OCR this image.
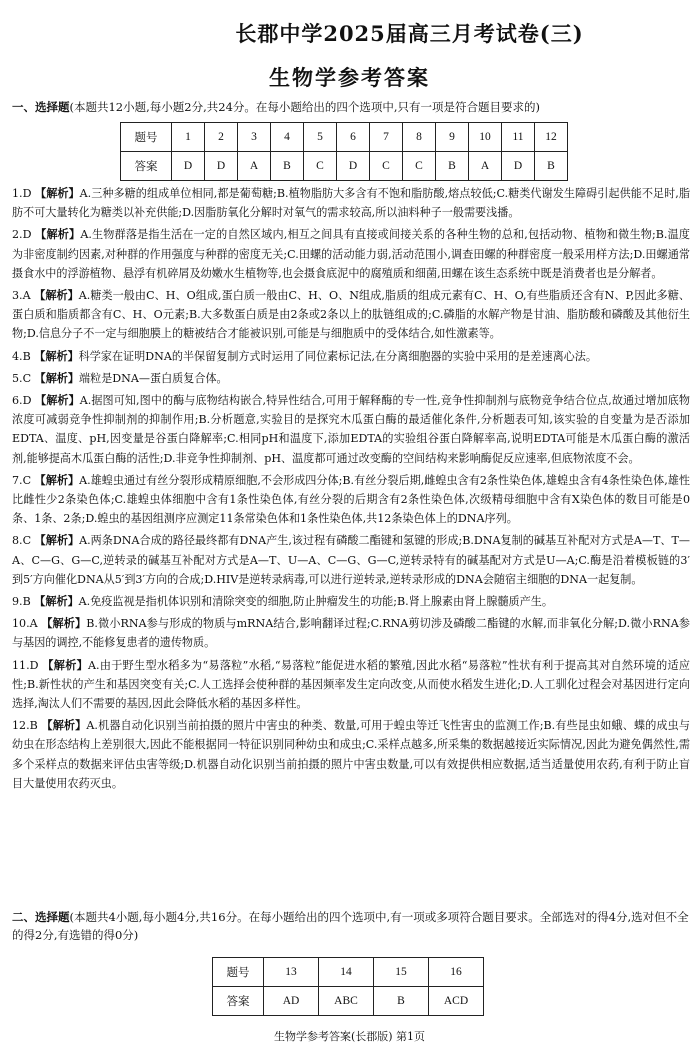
长郡中学2025届高三月考试卷(三)
生物学参考答案
一、选择题(本题共12小题,每小题2分,共24分。在每小题给出的四个选项中,只有一项是符合题目要求的)
题号	1	2	3	4	5	6	7	8	9	10	11	12
答案	D	D	A	B	C	D	C	C	B	A	D	B

1.D 【解析】A.三种多糖的组成单位相同,都是葡萄糖;B.植物脂肪大多含有不饱和脂肪酸,熔点较低;C.糖类代谢发生障碍引起供能不足时,脂肪不可大量转化为糖类以补充供能;D.因脂肪氧化分解时对氧气的需求较高,所以油料种子一般需要浅播。

2.D 【解析】A.生物群落是指生活在一定的自然区域内,相互之间具有直接或间接关系的各种生物的总和,包括动物、植物和微生物;B.温度为非密度制约因素,对种群的作用强度与种群的密度无关;C.田螺的活动能力弱,活动范围小,调查田螺的种群密度一般采用样方法;D.田螺通常摄食水中的浮游植物、悬浮有机碎屑及幼嫩水生植物等,也会摄食底泥中的腐殖质和细菌,田螺在该生态系统中既是消费者也是分解者。

3.A 【解析】A.糖类一般由C、H、O组成,蛋白质一般由C、H、O、N组成,脂质的组成元素有C、H、O,有些脂质还含有N、P,因此多糖、蛋白质和脂质都含有C、H、O元素;B.大多数蛋白质是由2条或2条以上的肽链组成的;C.磷脂的水解产物是甘油、脂肪酸和磷酸及其他衍生物;D.信息分子不一定与细胞膜上的糖被结合才能被识别,可能是与细胞质中的受体结合,如性激素等。

4.B 【解析】科学家在证明DNA的半保留复制方式时运用了同位素标记法,在分离细胞器的实验中采用的是差速离心法。

5.C 【解析】端粒是DNA—蛋白质复合体。

6.D 【解析】A.据图可知,图中的酶与底物结构嵌合,特异性结合,可用于解释酶的专一性,竞争性抑制剂与底物竞争结合位点,故通过增加底物浓度可减弱竞争性抑制剂的抑制作用;B.分析题意,实验目的是探究木瓜蛋白酶的最适催化条件,分析题表可知,该实验的自变量为是否添加EDTA、温度、pH,因变量是谷蛋白降解率;C.相同pH和温度下,添加EDTA的实验组谷蛋白降解率高,说明EDTA可能是木瓜蛋白酶的激活剂,能够提高木瓜蛋白酶的活性;D.非竞争性抑制剂、pH、温度都可通过改变酶的空间结构来影响酶促反应速率,但底物浓度不会。

7.C 【解析】A.雄蝗虫通过有丝分裂形成精原细胞,不会形成四分体;B.有丝分裂后期,雌蝗虫含有2条性染色体,雄蝗虫含有4条性染色体,雄性比雌性少2条染色体;C.雄蝗虫体细胞中含有1条性染色体,有丝分裂的后期含有2条性染色体,次级精母细胞中含有X染色体的数目可能是0条、1条、2条;D.蝗虫的基因组测序应测定11条常染色体和1条性染色体,共12条染色体上的DNA序列。

8.C 【解析】A.两条DNA合成的路径最终都有DNA产生,该过程有磷酸二酯键和氢键的形成;B.DNA复制的碱基互补配对方式是A—T、T—A、C—G、G—C,逆转录的碱基互补配对方式是A—T、U—A、C—G、G—C,逆转录特有的碱基配对方式是U—A;C.酶是沿着模板链的3′到5′方向催化DNA从5′到3′方向的合成;D.HIV是逆转录病毒,可以进行逆转录,逆转录形成的DNA会随宿主细胞的DNA一起复制。

9.B 【解析】A.免疫监视是指机体识别和清除突变的细胞,防止肿瘤发生的功能;B.肾上腺素由肾上腺髓质产生。

10.A 【解析】B.微小RNA参与形成的物质与mRNA结合,影响翻译过程;C.RNA剪切涉及磷酸二酯键的水解,而非氧化分解;D.微小RNA参与基因的调控,不能修复患者的遗传物质。

11.D 【解析】A.由于野生型水稻多为“易落粒”水稻,“易落粒”能促进水稻的繁殖,因此水稻“易落粒”性状有利于提高其对自然环境的适应性;B.新性状的产生和基因突变有关;C.人工选择会使种群的基因频率发生定向改变,从而使水稻发生进化;D.人工驯化过程会对基因进行定向选择,淘汰人们不需要的基因,因此会降低水稻的基因多样性。

12.B 【解析】A.机器自动化识别当前拍摄的照片中害虫的种类、数量,可用于蝗虫等迁飞性害虫的监测工作;B.有些昆虫如蛾、蝶的成虫与幼虫在形态结构上差别很大,因此不能根据同一特征识别同种幼虫和成虫;C.采样点越多,所采集的数据越接近实际情况,因此为避免偶然性,需多个采样点的数据来评估虫害等级;D.机器自动化识别当前拍摄的照片中害虫数量,可以有效提供相应数据,适当适量使用农药,有利于防止盲目大量使用农药灭虫。

二、选择题(本题共4小题,每小题4分,共16分。在每小题给出的四个选项中,有一项或多项符合题目要求。全部选对的得4分,选对但不全的得2分,有选错的得0分)
题号	13	14	15	16
答案	AD	ABC	B	ACD
生物学参考答案(长郡版) 第1页
